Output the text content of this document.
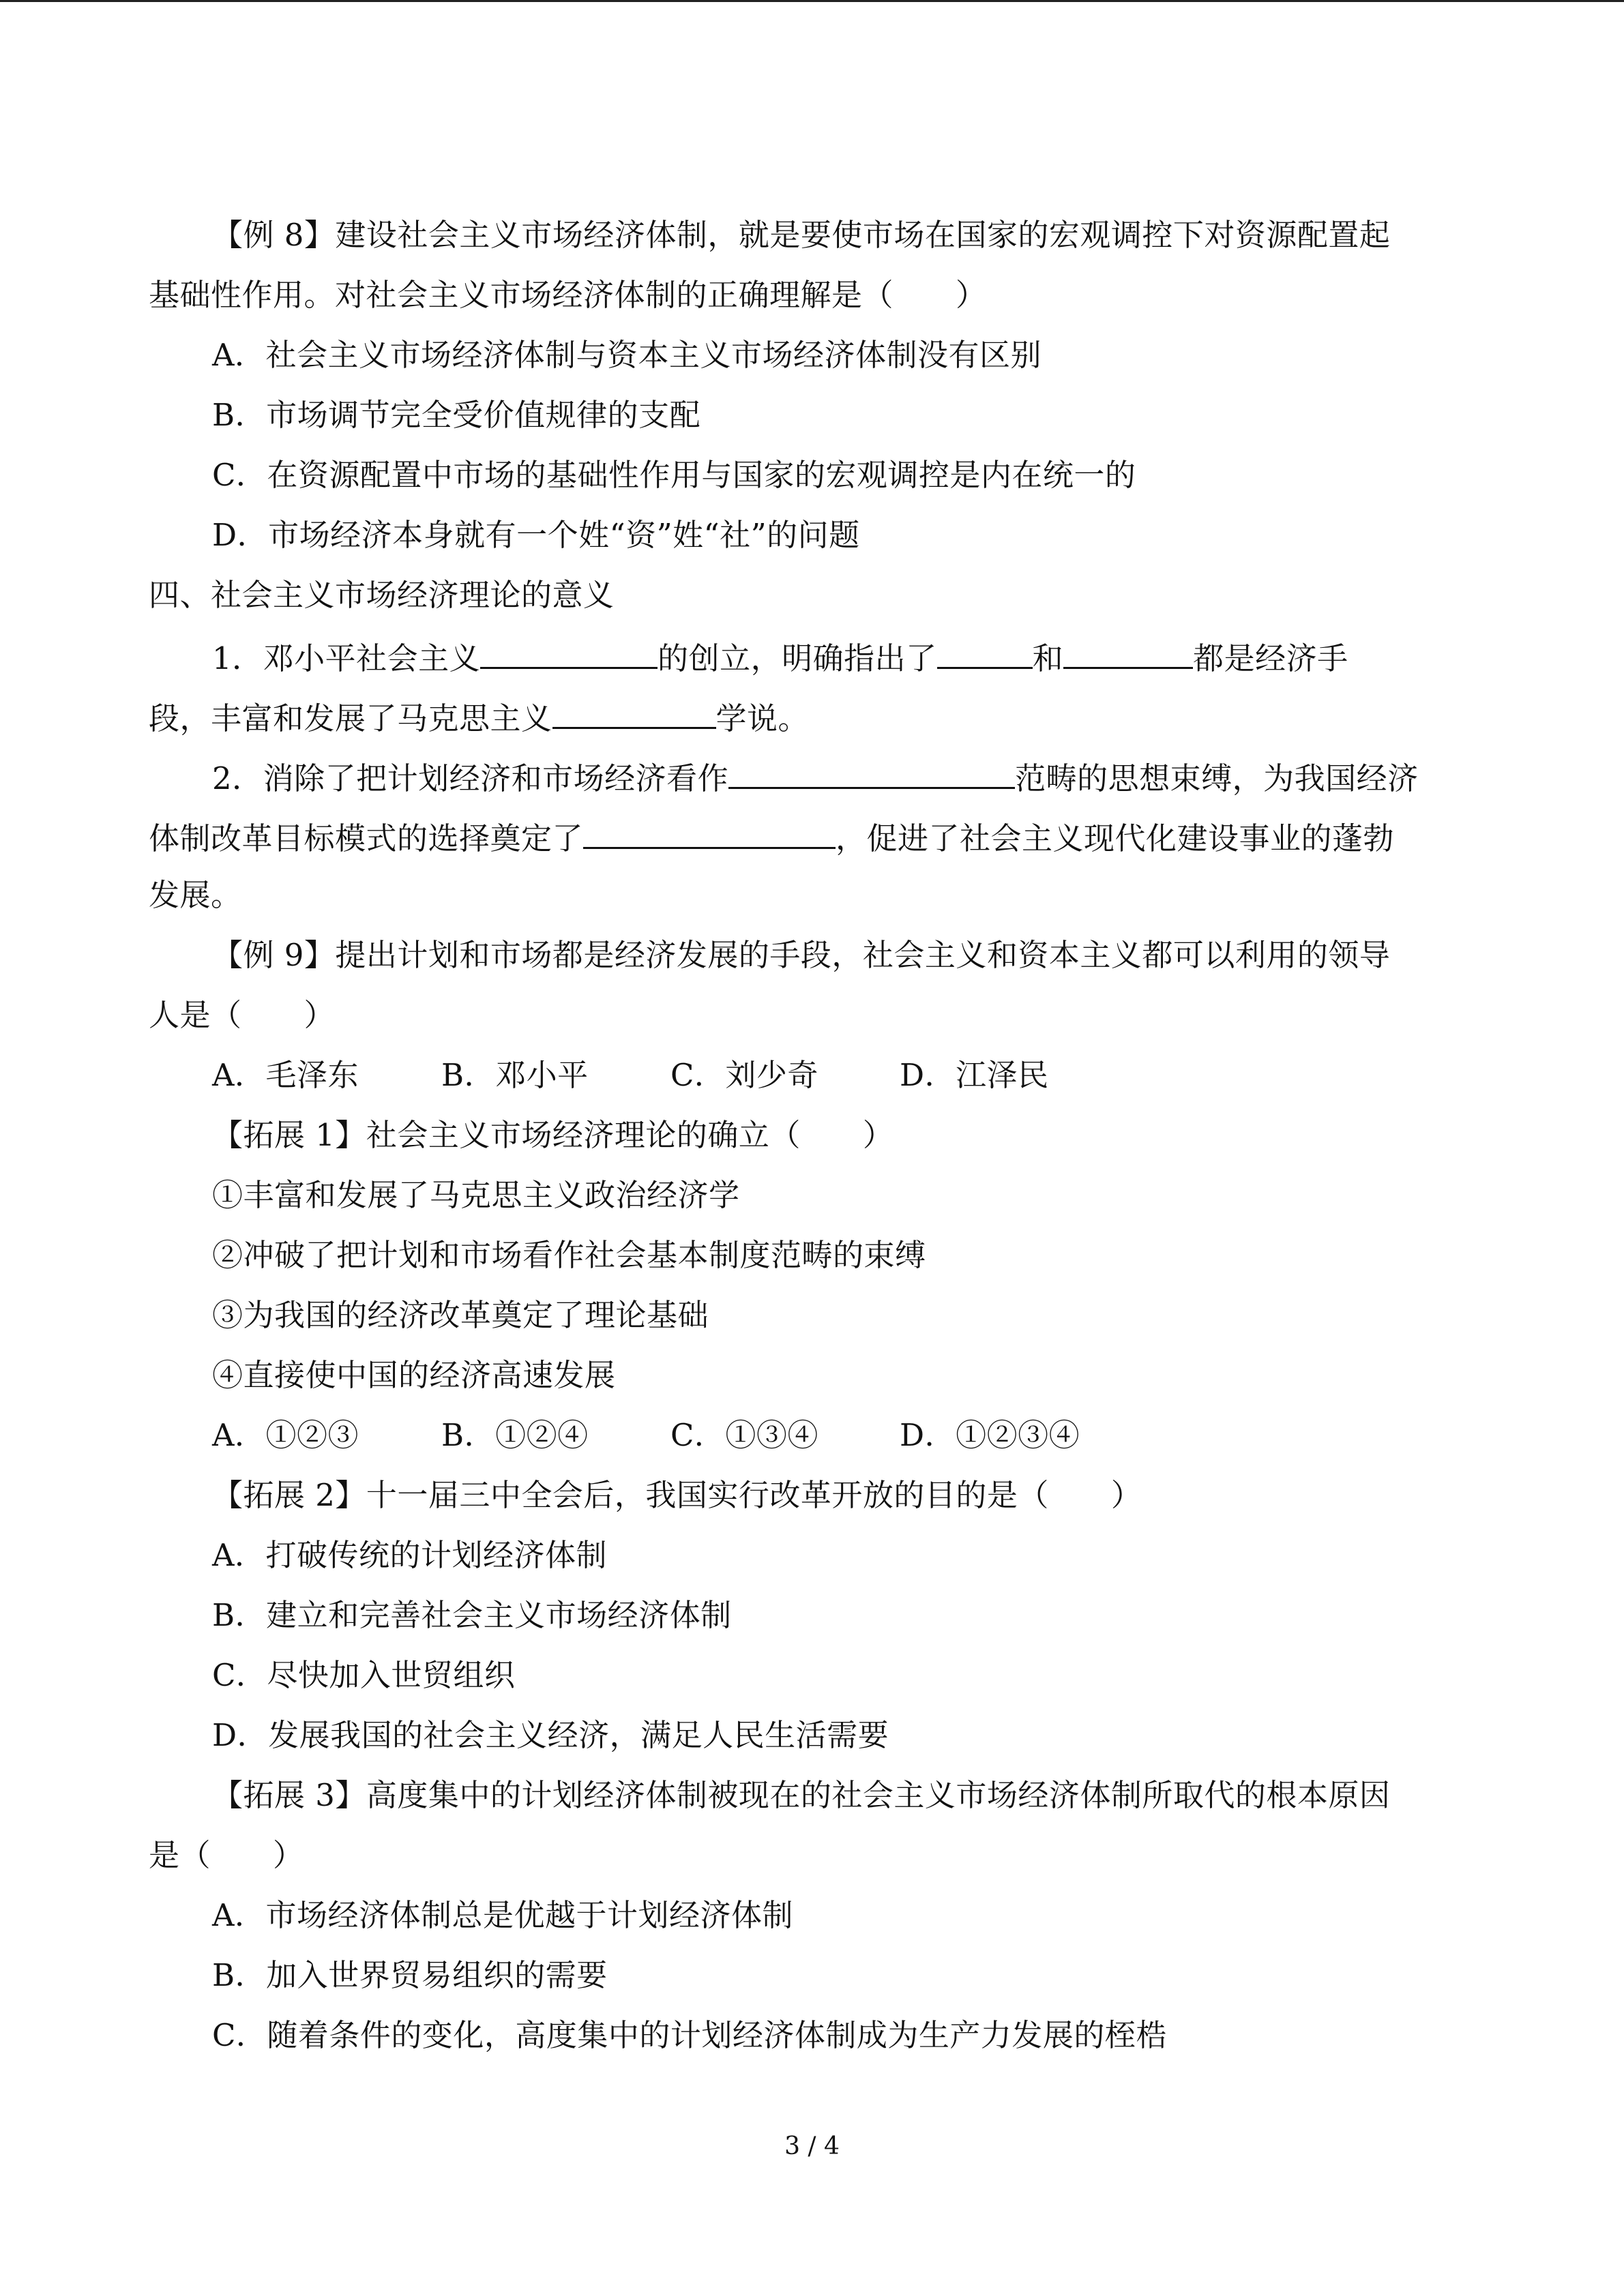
【例 8】建设社会主义市场经济体制，就是要使市场在国家的宏观调控下对资源配置起
基础性作用。对社会主义市场经济体制的正确理解是（　　）
A．社会主义市场经济体制与资本主义市场经济体制没有区别
B．市场调节完全受价值规律的支配
C．在资源配置中市场的基础性作用与国家的宏观调控是内在统一的
D．市场经济本身就有一个姓“资”姓“社”的问题
四、社会主义市场经济理论的意义
1．邓小平社会主义	的创立，明确指出了	和	都是经济手
段，丰富和发展了马克思主义	学说。
2．消除了把计划经济和市场经济看作	范畴的思想束缚，为我国经济
体制改革目标模式的选择奠定了	，促进了社会主义现代化建设事业的蓬勃
发展。
【例 9】提出计划和市场都是经济发展的手段，社会主义和资本主义都可以利用的领导
人是（　　）
A．毛泽东	B．邓小平	C．刘少奇	D．江泽民
【拓展 1】社会主义市场经济理论的确立（　　）
①丰富和发展了马克思主义政治经济学
②冲破了把计划和市场看作社会基本制度范畴的束缚
③为我国的经济改革奠定了理论基础
④直接使中国的经济高速发展
A．①②③	B．①②④	C．①③④	D．①②③④
【拓展 2】十一届三中全会后，我国实行改革开放的目的是（　　）
A．打破传统的计划经济体制
B．建立和完善社会主义市场经济体制
C．尽快加入世贸组织
D．发展我国的社会主义经济，满足人民生活需要
【拓展 3】高度集中的计划经济体制被现在的社会主义市场经济体制所取代的根本原因
是（　　）
A．市场经济体制总是优越于计划经济体制
B．加入世界贸易组织的需要
C．随着条件的变化，高度集中的计划经济体制成为生产力发展的桎梏
3 / 4
